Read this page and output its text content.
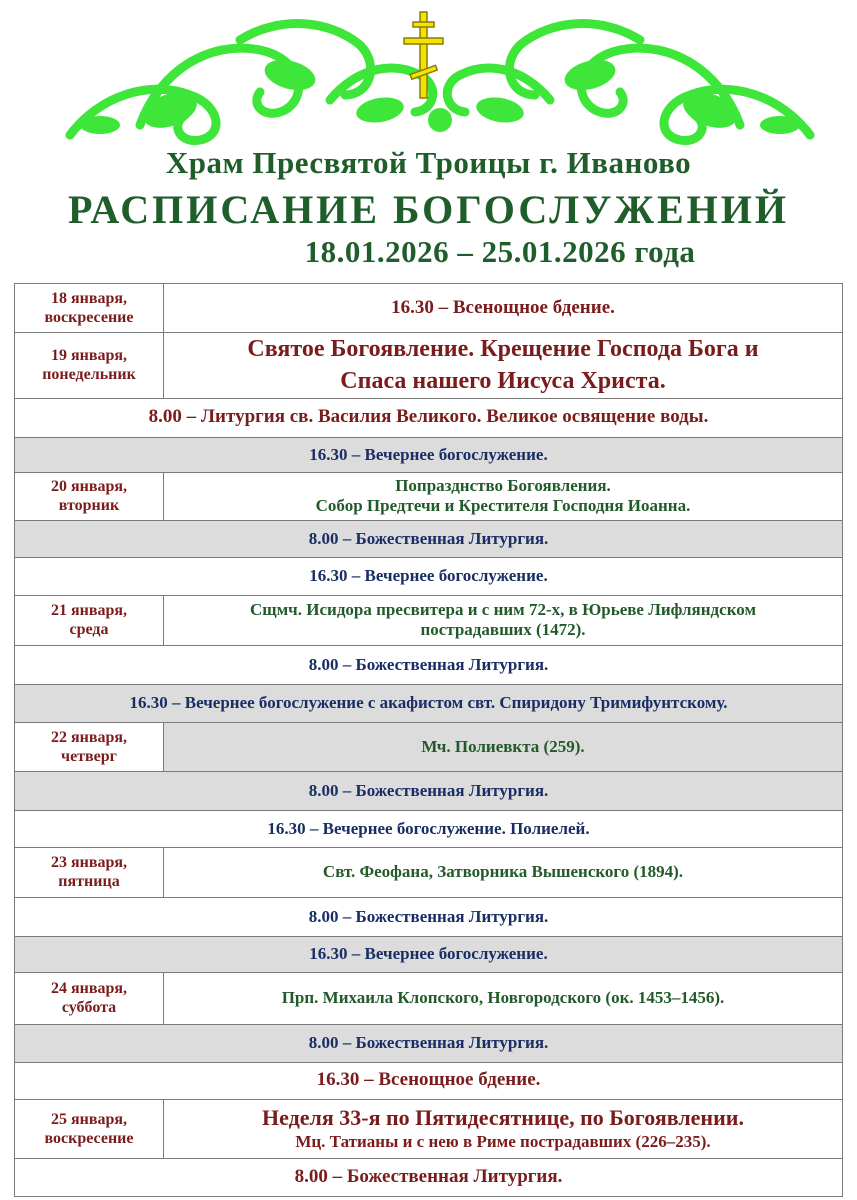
Храм Пресвятой Троицы г. Иваново
РАСПИСАНИЕ БОГОСЛУЖЕНИЙ
18.01.2026 – 25.01.2026 года
18 января,
воскресение	16.30 – Всенощное бдение.

19 января,
понедельник	Святое Богоявление. Крещение Господа Бога и
Спаса нашего Иисуса Христа.

8.00 – Литургия св. Василия Великого. Великое освящение воды.	
16.30 – Вечернее богослужение.	

20 января,
вторник	Попразднство Богоявления.
Собор Предтечи и Крестителя Господня Иоанна.

8.00 – Божественная Литургия.	
16.30 – Вечернее богослужение.	

21 января,
среда	Сщмч. Исидора пресвитера и с ним 72-х, в Юрьеве Лифляндском
пострадавших (1472).

8.00 – Божественная Литургия.	
16.30 – Вечернее богослужение с акафистом свт. Спиридону Тримифунтскому.	

22 января,
четверг	Мч. Полиевкта (259).
8.00 – Божественная Литургия.	
16.30 – Вечернее богослужение. Полиелей.	

23 января,
пятница	Свт. Феофана, Затворника Вышенского (1894).
8.00 – Божественная Литургия.	
16.30 – Вечернее богослужение.	

24 января,
суббота	Прп. Михаила Клопского, Новгородского (ок. 1453–1456).
8.00 – Божественная Литургия.	
16.30 – Всенощное бдение.	

25 января,
воскресение	Неделя 33-я по Пятидесятнице, по Богоявлении.
Мц. Татианы и с нею в Риме пострадавших (226–235).

8.00 – Божественная Литургия.	
